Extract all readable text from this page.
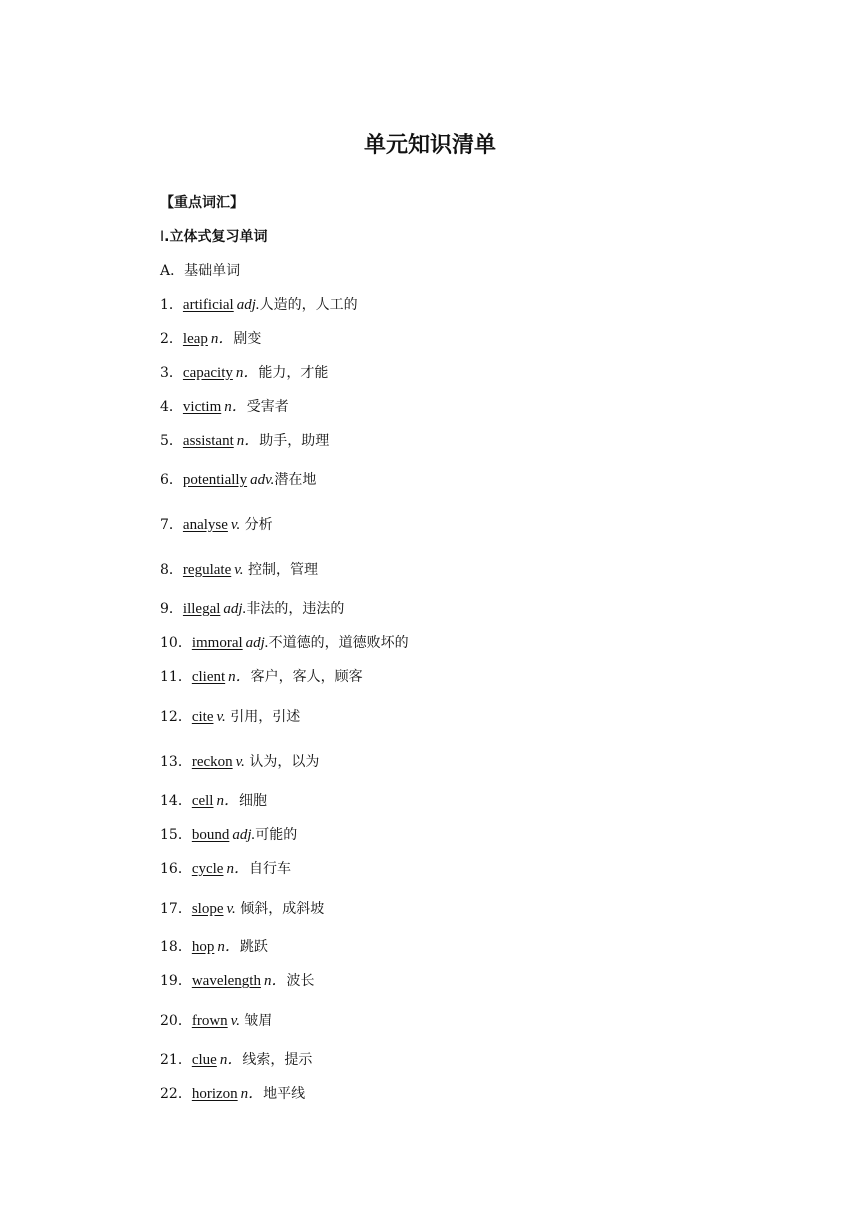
单元知识清单
【重点词汇】
Ⅰ.立体式复习单词
A．基础单词
1．artificial adj.人造的，人工的
2．leap n．剧变
3．capacity n．能力，才能
4．victim n．受害者
5．assistant n．助手，助理
6．potentially adv.潜在地
7．analyse v. 分析
8．regulate v. 控制，管理
9．illegal adj.非法的，违法的
10．immoral adj.不道德的，道德败坏的
11．client n．客户，客人，顾客
12．cite v. 引用，引述
13．reckon v. 认为，以为
14．cell n．细胞
15．bound adj.可能的
16．cycle n．自行车
17．slope v. 倾斜，成斜坡
18．hop n．跳跃
19．wavelength n．波长
20．frown v. 皱眉
21．clue n．线索，提示
22．horizon n．地平线
